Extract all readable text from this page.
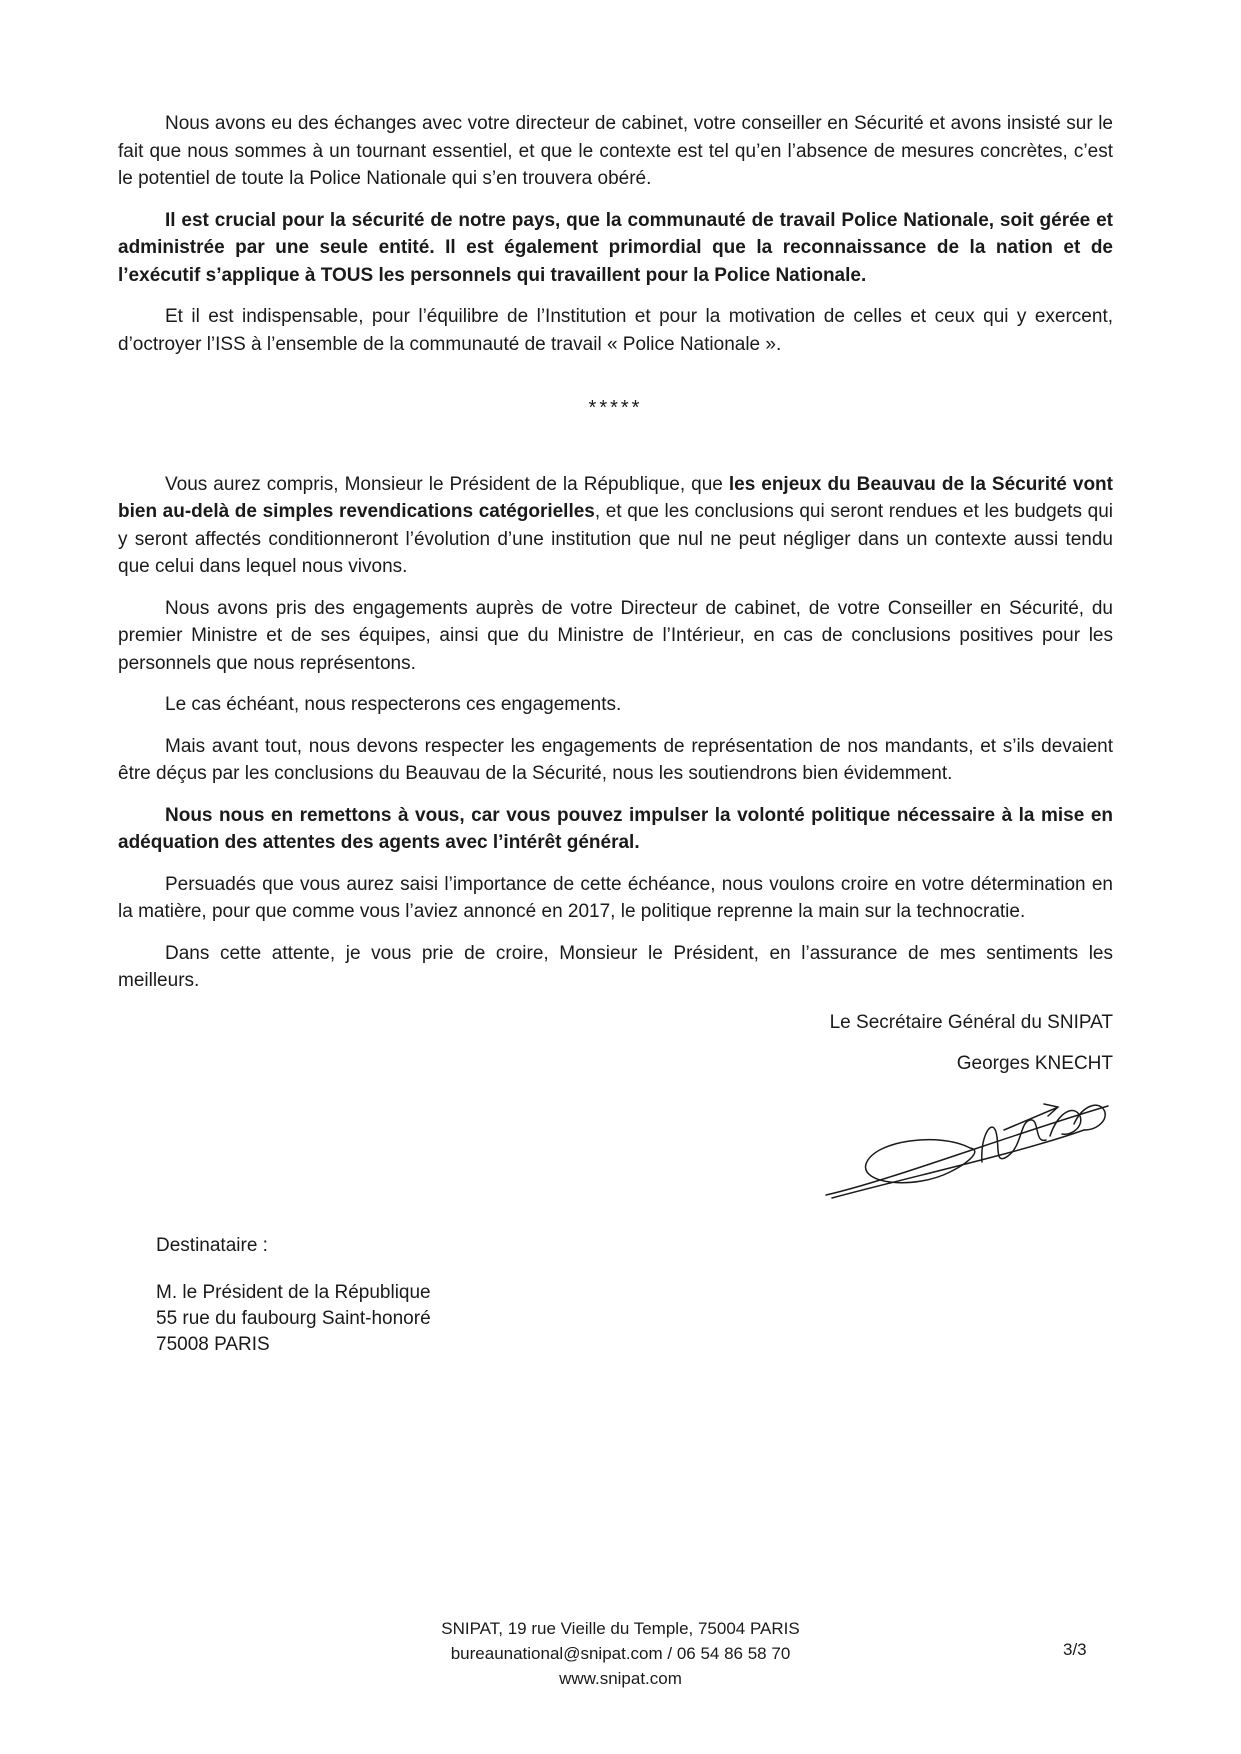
Nous avons eu des échanges avec votre directeur de cabinet, votre conseiller en Sécurité et avons insisté sur le fait que nous sommes à un tournant essentiel, et que le contexte est tel qu’en l’absence de mesures concrètes, c’est le potentiel de toute la Police Nationale qui s’en trouvera obéré.

Il est crucial pour la sécurité de notre pays, que la communauté de travail Police Nationale, soit gérée et administrée par une seule entité. Il est également primordial que la reconnaissance de la nation et de l’exécutif s’applique à TOUS les personnels qui travaillent pour la Police Nationale.

Et il est indispensable, pour l’équilibre de l’Institution et pour la motivation de celles et ceux qui y exercent, d’octroyer l’ISS à l’ensemble de la communauté de travail « Police Nationale ».

*****

Vous aurez compris, Monsieur le Président de la République, que les enjeux du Beauvau de la Sécurité vont bien au-delà de simples revendications catégorielles, et que les conclusions qui seront rendues et les budgets qui y seront affectés conditionneront l’évolution d’une institution que nul ne peut négliger dans un contexte aussi tendu que celui dans lequel nous vivons.

Nous avons pris des engagements auprès de votre Directeur de cabinet, de votre Conseiller en Sécurité, du premier Ministre et de ses équipes, ainsi que du Ministre de l’Intérieur, en cas de conclusions positives pour les personnels que nous représentons.

Le cas échéant, nous respecterons ces engagements.

Mais avant tout, nous devons respecter les engagements de représentation de nos mandants, et s’ils devaient être déçus par les conclusions du Beauvau de la Sécurité, nous les soutiendrons bien évidemment.

Nous nous en remettons à vous, car vous pouvez impulser la volonté politique nécessaire à la mise en adéquation des attentes des agents avec l’intérêt général.

Persuadés que vous aurez saisi l’importance de cette échéance, nous voulons croire en votre détermination en la matière, pour que comme vous l’aviez annoncé en 2017, le politique reprenne la main sur la technocratie.

Dans cette attente, je vous prie de croire, Monsieur le Président, en l’assurance de mes sentiments les meilleurs.

Le Secrétaire Général du SNIPAT

Georges KNECHT

Destinataire :
M. le Président de la République
55 rue du faubourg Saint-honoré
75008 PARIS
SNIPAT, 19 rue Vieille du Temple, 75004 PARIS
bureaunational@snipat.com / 06 54 86 58 70
www.snipat.com
3/3
